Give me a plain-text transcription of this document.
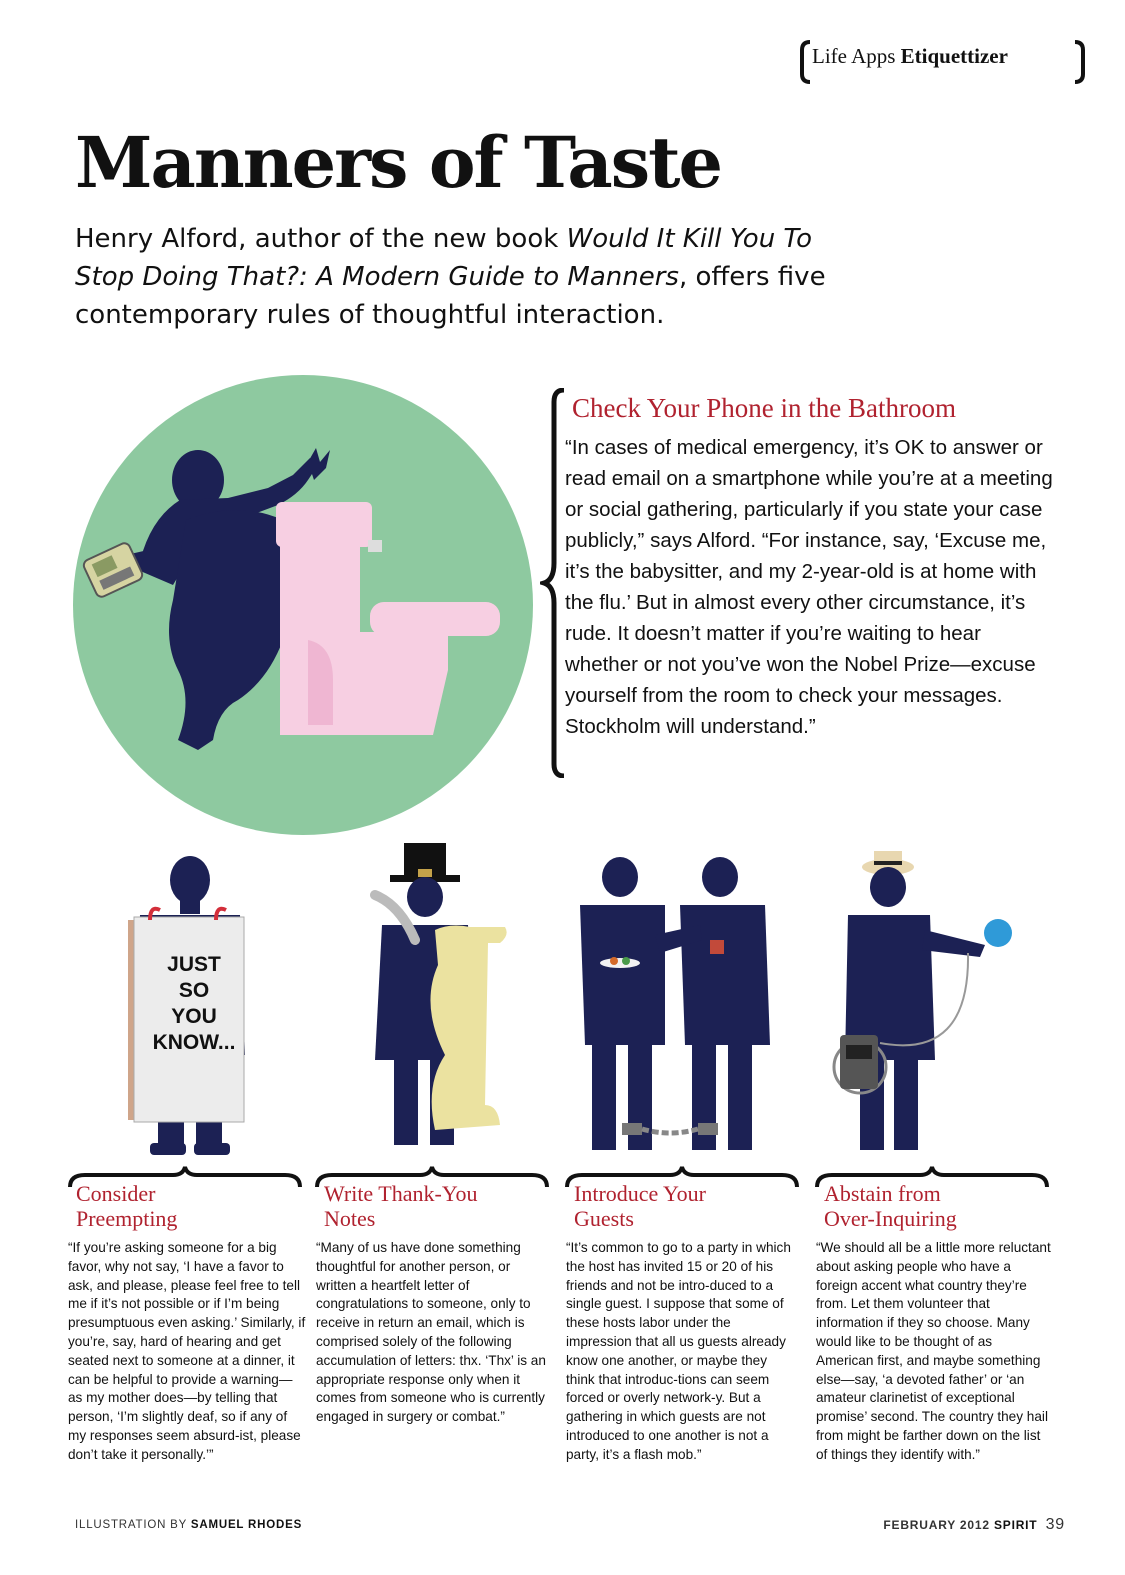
Life Apps Etiquettizer
Manners of Taste
Henry Alford, author of the new book Would It Kill You To Stop Doing That?: A Modern Guide to Manners, offers five contemporary rules of thoughtful interaction.
Check Your Phone in the Bathroom
“In cases of medical emergency, it’s OK to answer or read email on a smartphone while you’re at a meeting or social gathering, particularly if you state your case publicly,” says Alford. “For instance, say, ‘Excuse me, it’s the babysitter, and my 2-year-old is at home with the flu.’ But in almost every other circumstance, it’s rude. It doesn’t matter if you’re waiting to hear whether or not you’ve won the Nobel Prize—excuse yourself from the room to check your messages. Stockholm will understand.”
JUST
SO
YOU
KNOW...
Consider
Preempting
“If you’re asking someone for a big favor, why not say, ‘I have a favor to ask, and please, please feel free to tell me if it’s not possible or if I’m being presumptuous even asking.’ Similarly, if you’re, say, hard of hearing and get seated next to someone at a dinner, it can be helpful to provide a warning—as my mother does—by telling that person, ‘I’m slightly deaf, so if any of my responses seem absurd-ist, please don’t take it personally.’”
Write Thank-You
Notes
“Many of us have done something thoughtful for another person, or written a heartfelt letter of congratulations to someone, only to receive in return an email, which is comprised solely of the following accumulation of letters: thx. ‘Thx’ is an appropriate response only when it comes from someone who is currently engaged in surgery or combat.”
Introduce Your
Guests
“It’s common to go to a party in which the host has invited 15 or 20 of his friends and not be intro-duced to a single guest. I suppose that some of these hosts labor under the impression that all us guests already know one another, or maybe they think that introduc-tions can seem forced or overly network-y. But a gathering in which guests are not introduced to one another is not a party, it’s a flash mob.”
Abstain from
Over-Inquiring
“We should all be a little more reluctant about asking people who have a foreign accent what country they’re from. Let them volunteer that information if they so choose. Many would like to be thought of as American first, and maybe something else—say, ‘a devoted father’ or ‘an amateur clarinetist of exceptional promise’ second. The country they hail from might be farther down on the list of things they identify with.”
ILLUSTRATION BY SAMUEL RHODES	FEBRUARY 2012 SPIRIT 39
